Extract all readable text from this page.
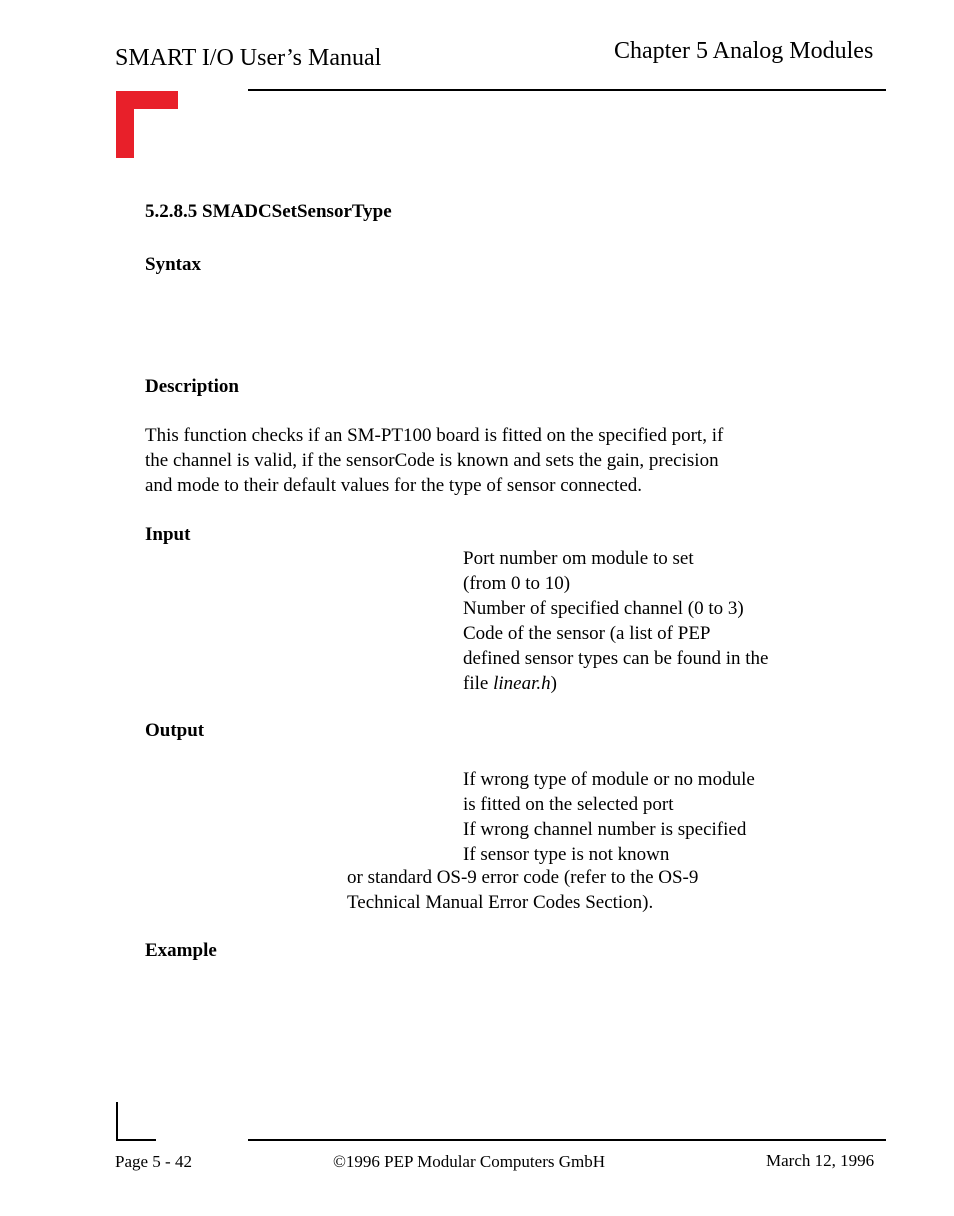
SMART I/O User’s Manual	Chapter 5 Analog Modules
5.2.8.5 SMADCSetSensorType
Syntax
Description
This function checks if an SM-PT100 board is fitted on the specified port, if
the channel is valid, if the sensorCode is known and sets the gain, precision
and mode to their default values for the type of sensor connected.
Input
Port number om module to set
(from 0 to 10)
Number of specified channel (0 to 3)
Code of the sensor (a list of PEP
defined sensor types can be found in the
file linear.h)
Output
If wrong type of module or no module
is fitted on the selected port
If wrong channel number is specified
If sensor type is not known
or standard OS-9 error code (refer to the OS-9
Technical Manual Error Codes Section).
Example
Page 5 - 42	©1996 PEP Modular Computers GmbH	March 12, 1996
